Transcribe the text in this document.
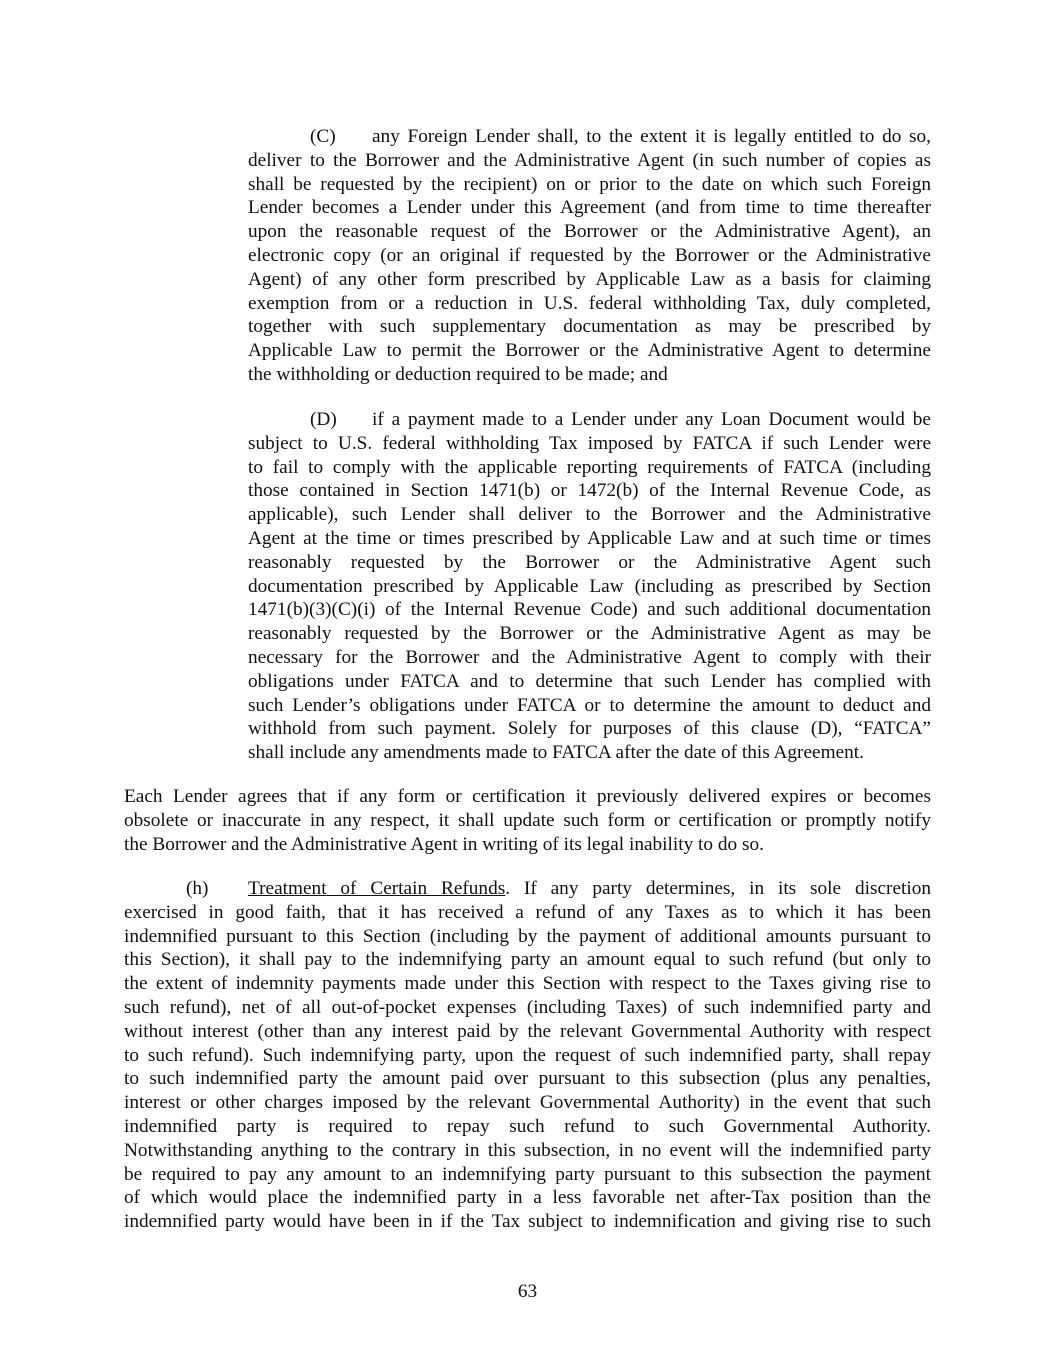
(C) any Foreign Lender shall, to the extent it is legally entitled to do so,
deliver to the Borrower and the Administrative Agent (in such number of copies as
shall be requested by the recipient) on or prior to the date on which such Foreign
Lender becomes a Lender under this Agreement (and from time to time thereafter
upon the reasonable request of the Borrower or the Administrative Agent), an
electronic copy (or an original if requested by the Borrower or the Administrative
Agent) of any other form prescribed by Applicable Law as a basis for claiming
exemption from or a reduction in U.S. federal withholding Tax, duly completed,
together with such supplementary documentation as may be prescribed by
Applicable Law to permit the Borrower or the Administrative Agent to determine
the withholding or deduction required to be made; and
(D) if a payment made to a Lender under any Loan Document would be
subject to U.S. federal withholding Tax imposed by FATCA if such Lender were
to fail to comply with the applicable reporting requirements of FATCA (including
those contained in Section 1471(b) or 1472(b) of the Internal Revenue Code, as
applicable), such Lender shall deliver to the Borrower and the Administrative
Agent at the time or times prescribed by Applicable Law and at such time or times
reasonably requested by the Borrower or the Administrative Agent such
documentation prescribed by Applicable Law (including as prescribed by Section
1471(b)(3)(C)(i) of the Internal Revenue Code) and such additional documentation
reasonably requested by the Borrower or the Administrative Agent as may be
necessary for the Borrower and the Administrative Agent to comply with their
obligations under FATCA and to determine that such Lender has complied with
such Lender’s obligations under FATCA or to determine the amount to deduct and
withhold from such payment. Solely for purposes of this clause (D), “FATCA”
shall include any amendments made to FATCA after the date of this Agreement.
Each Lender agrees that if any form or certification it previously delivered expires or becomes
obsolete or inaccurate in any respect, it shall update such form or certification or promptly notify
the Borrower and the Administrative Agent in writing of its legal inability to do so.
(h) Treatment of Certain Refunds. If any party determines, in its sole discretion
exercised in good faith, that it has received a refund of any Taxes as to which it has been
indemnified pursuant to this Section (including by the payment of additional amounts pursuant to
this Section), it shall pay to the indemnifying party an amount equal to such refund (but only to
the extent of indemnity payments made under this Section with respect to the Taxes giving rise to
such refund), net of all out-of-pocket expenses (including Taxes) of such indemnified party and
without interest (other than any interest paid by the relevant Governmental Authority with respect
to such refund). Such indemnifying party, upon the request of such indemnified party, shall repay
to such indemnified party the amount paid over pursuant to this subsection (plus any penalties,
interest or other charges imposed by the relevant Governmental Authority) in the event that such
indemnified party is required to repay such refund to such Governmental Authority.
Notwithstanding anything to the contrary in this subsection, in no event will the indemnified party
be required to pay any amount to an indemnifying party pursuant to this subsection the payment
of which would place the indemnified party in a less favorable net after-Tax position than the
indemnified party would have been in if the Tax subject to indemnification and giving rise to such
63
